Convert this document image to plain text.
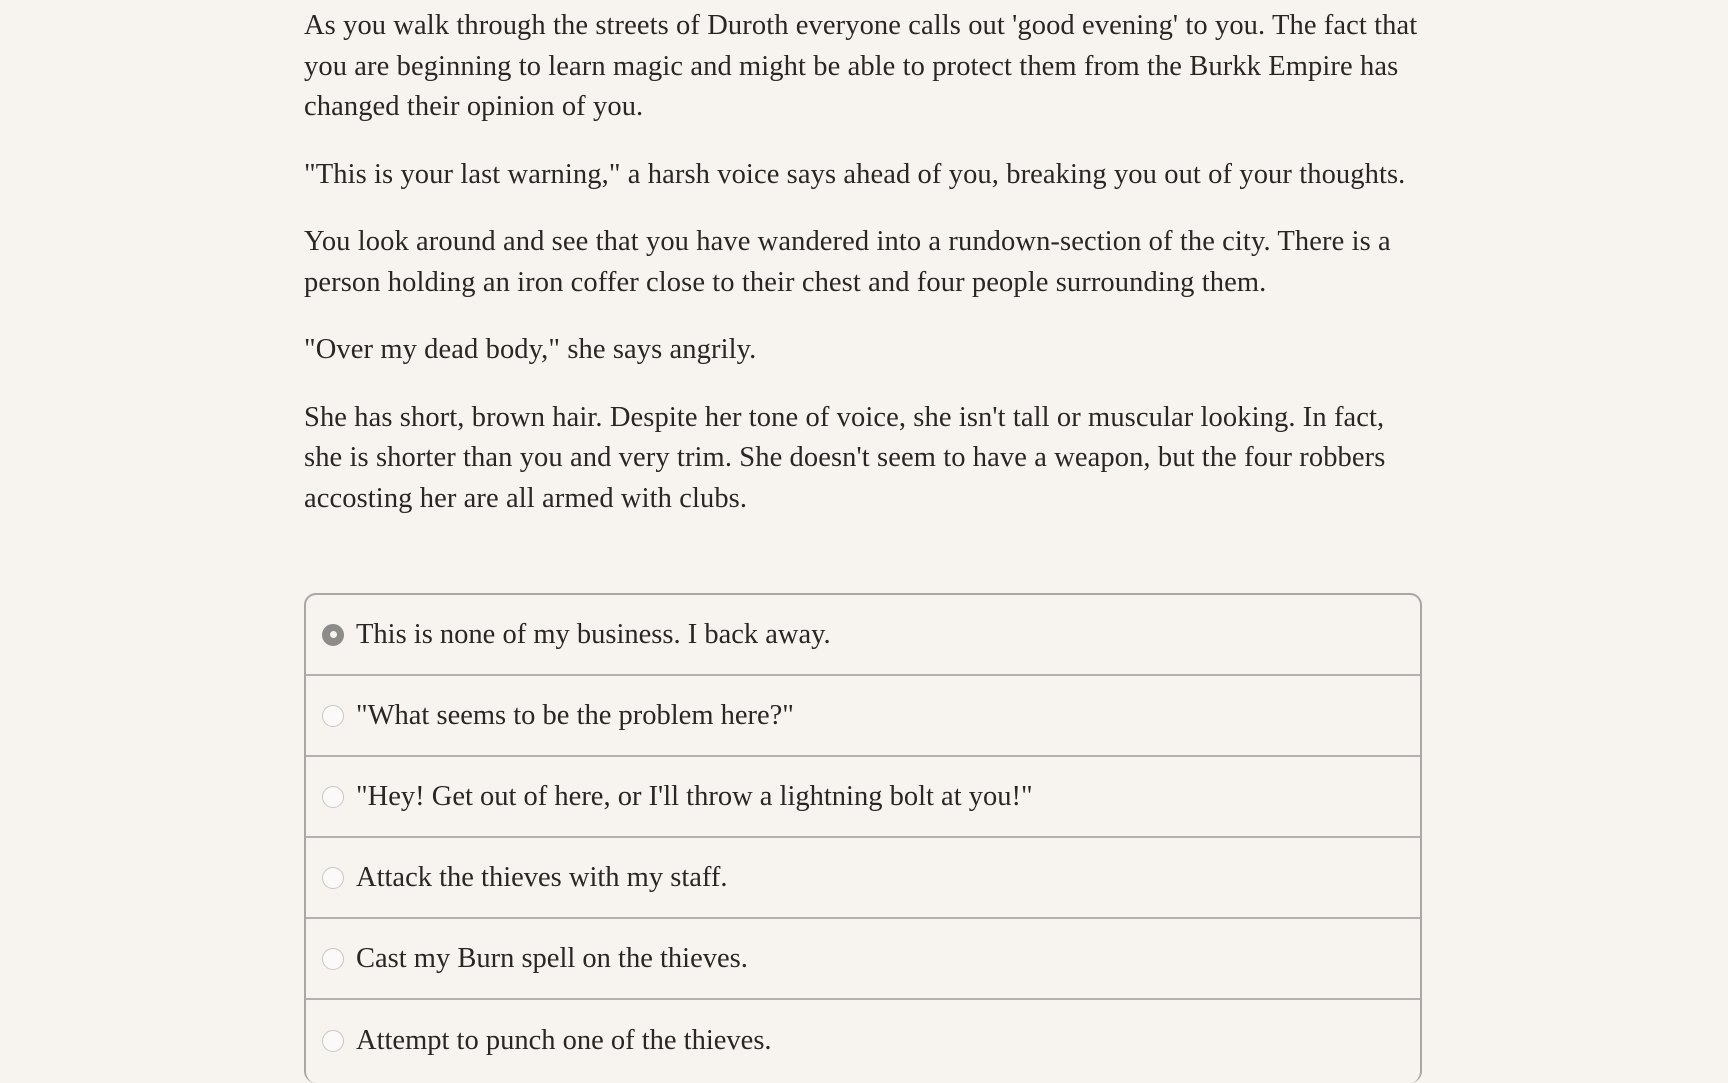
As you walk through the streets of Duroth everyone calls out 'good evening' to you. The fact that you are beginning to learn magic and might be able to protect them from the Burkk Empire has changed their opinion of you.

"This is your last warning," a harsh voice says ahead of you, breaking you out of your thoughts.

You look around and see that you have wandered into a rundown-section of the city. There is a person holding an iron coffer close to their chest and four people surrounding them.

"Over my dead body," she says angrily.

She has short, brown hair. Despite her tone of voice, she isn't tall or muscular looking. In fact, she is shorter than you and very trim. She doesn't seem to have a weapon, but the four robbers accosting her are all armed with clubs.

This is none of my business. I back away.
"What seems to be the problem here?"
"Hey! Get out of here, or I'll throw a lightning bolt at you!"
Attack the thieves with my staff.
Cast my Burn spell on the thieves.
Attempt to punch one of the thieves.
